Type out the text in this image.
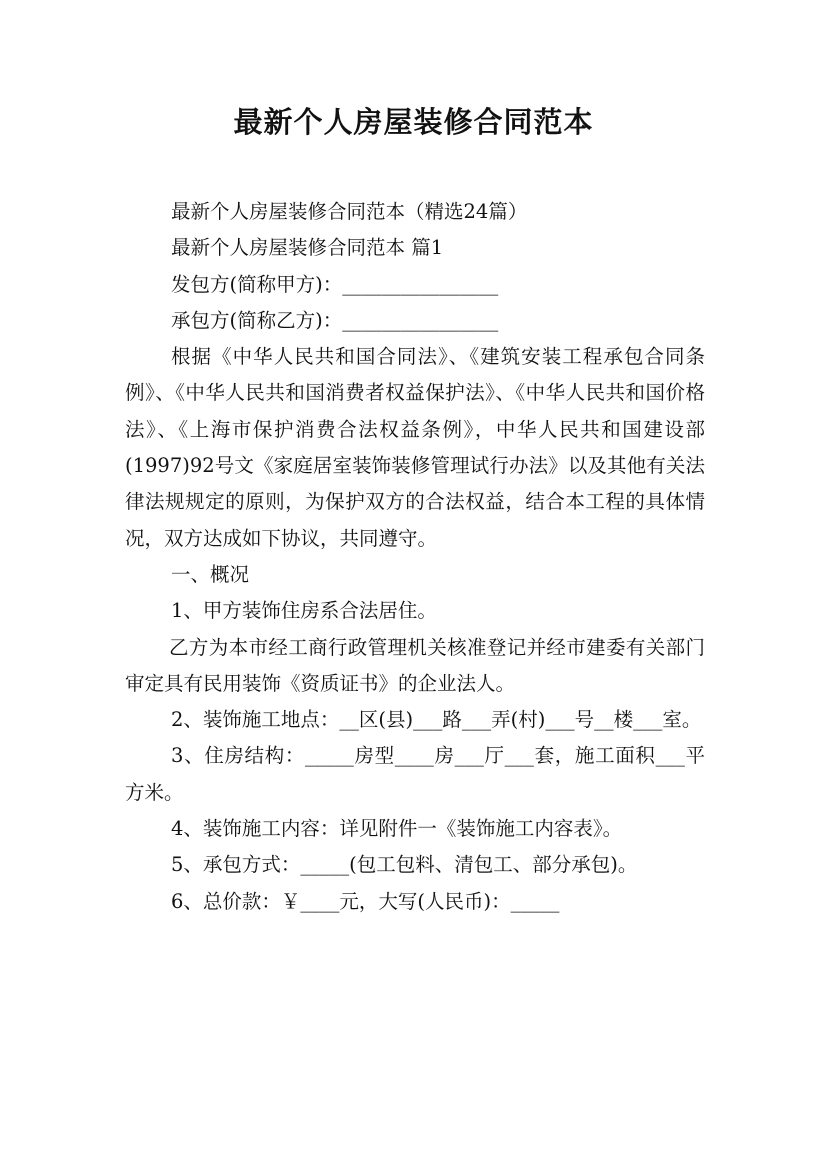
最新个人房屋装修合同范本

最新个人房屋装修合同范本（精选24篇）

最新个人房屋装修合同范本 篇1

发包方(简称甲方)：________________

承包方(简称乙方)：________________

根据《中华人民共和国合同法》、《建筑安装工程承包合同条例》、《中华人民共和国消费者权益保护法》、《中华人民共和国价格法》、《上海市保护消费合法权益条例》，中华人民共和国建设部(1997)92号文《家庭居室装饰装修管理试行办法》以及其他有关法律法规规定的原则，为保护双方的合法权益，结合本工程的具体情况，双方达成如下协议，共同遵守。

一、概况

1、甲方装饰住房系合法居住。

乙方为本市经工商行政管理机关核准登记并经市建委有关部门审定具有民用装饰《资质证书》的企业法人。

2、装饰施工地点：__区(县)___路___弄(村)___号__楼___室。

3、住房结构：_____房型____房___厅___套，施工面积___平方米。

4、装饰施工内容：详见附件一《装饰施工内容表》。

5、承包方式：_____(包工包料、清包工、部分承包)。

6、总价款：￥____元，大写(人民币)：_____
